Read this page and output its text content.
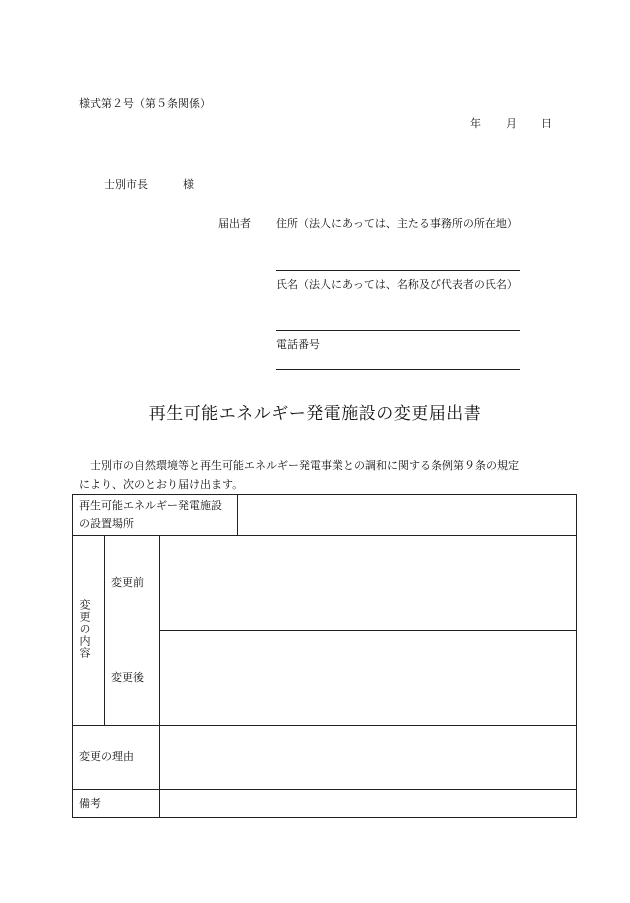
様式第２号（第５条関係）
年 月 日
士別市長	様
届出者 住所（法人にあっては、主たる事務所の所在地）
氏名（法人にあっては、名称及び代表者の氏名）
電話番号
再生可能エネルギー発電施設の変更届出書
士別市の自然環境等と再生可能エネルギー発電事業との調和に関する条例第９条の規定
により、次のとおり届け出ます。
再生可能エネルギー発電施設
の設置場所
変更の内容
変更前
変更後
変更の理由
備考
